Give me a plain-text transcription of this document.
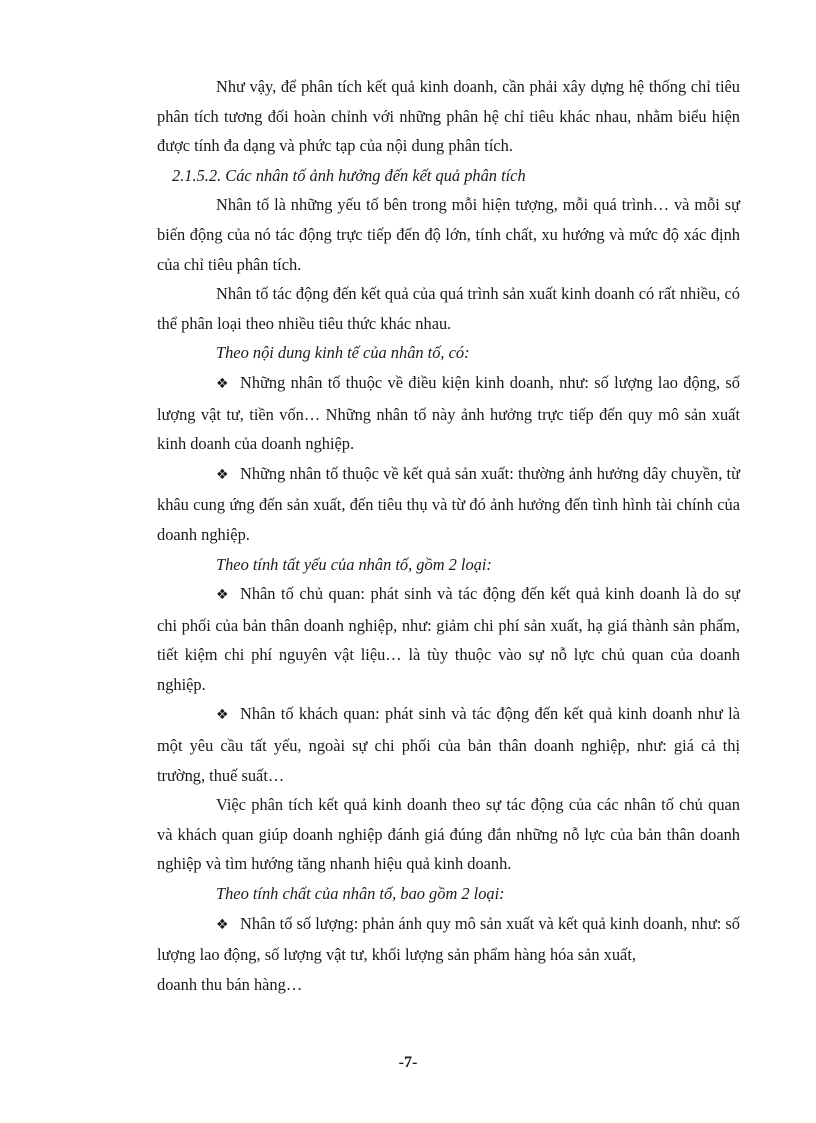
Như vậy, để phân tích kết quả kinh doanh, cần phải xây dựng hệ thống chỉ tiêu phân tích tương đối hoàn chỉnh với những phân hệ chỉ tiêu khác nhau, nhằm biểu hiện được tính đa dạng và phức tạp của nội dung phân tích.

2.1.5.2. Các nhân tố ảnh hưởng đến kết quả phân tích

Nhân tố là những yếu tố bên trong mỗi hiện tượng, mỗi quá trình… và mỗi sự biến động của nó tác động trực tiếp đến độ lớn, tính chất, xu hướng và mức độ xác định của chỉ tiêu phân tích.

Nhân tố tác động đến kết quả của quá trình sản xuất kinh doanh có rất nhiều, có thể phân loại theo nhiều tiêu thức khác nhau.

Theo nội dung kinh tế của nhân tố, có:

❖ Những nhân tố thuộc về điều kiện kinh doanh, như: số lượng lao động, số lượng vật tư, tiền vốn… Những nhân tố này ảnh hưởng trực tiếp đến quy mô sản xuất kinh doanh của doanh nghiệp.

❖ Những nhân tố thuộc về kết quả sản xuất: thường ảnh hưởng dây chuyền, từ khâu cung ứng đến sản xuất, đến tiêu thụ và từ đó ảnh hưởng đến tình hình tài chính của doanh nghiệp.

Theo tính tất yếu của nhân tố, gồm 2 loại:

❖ Nhân tố chủ quan: phát sinh và tác động đến kết quả kinh doanh là do sự chi phối của bản thân doanh nghiệp, như: giảm chi phí sản xuất, hạ giá thành sản phẩm, tiết kiệm chi phí nguyên vật liệu… là tùy thuộc vào sự nỗ lực chủ quan của doanh nghiệp.

❖ Nhân tố khách quan: phát sinh và tác động đến kết quả kinh doanh như là một yêu cầu tất yếu, ngoài sự chi phối của bản thân doanh nghiệp, như: giá cả thị trường, thuế suất…

Việc phân tích kết quả kinh doanh theo sự tác động của các nhân tố chủ quan và khách quan giúp doanh nghiệp đánh giá đúng đắn những nỗ lực của bản thân doanh nghiệp và tìm hướng tăng nhanh hiệu quả kinh doanh.

Theo tính chất của nhân tố, bao gồm 2 loại:

❖ Nhân tố số lượng: phản ánh quy mô sản xuất và kết quả kinh doanh, như: số lượng lao động, số lượng vật tư, khối lượng sản phẩm hàng hóa sản xuất,

doanh thu bán hàng…

-7-
